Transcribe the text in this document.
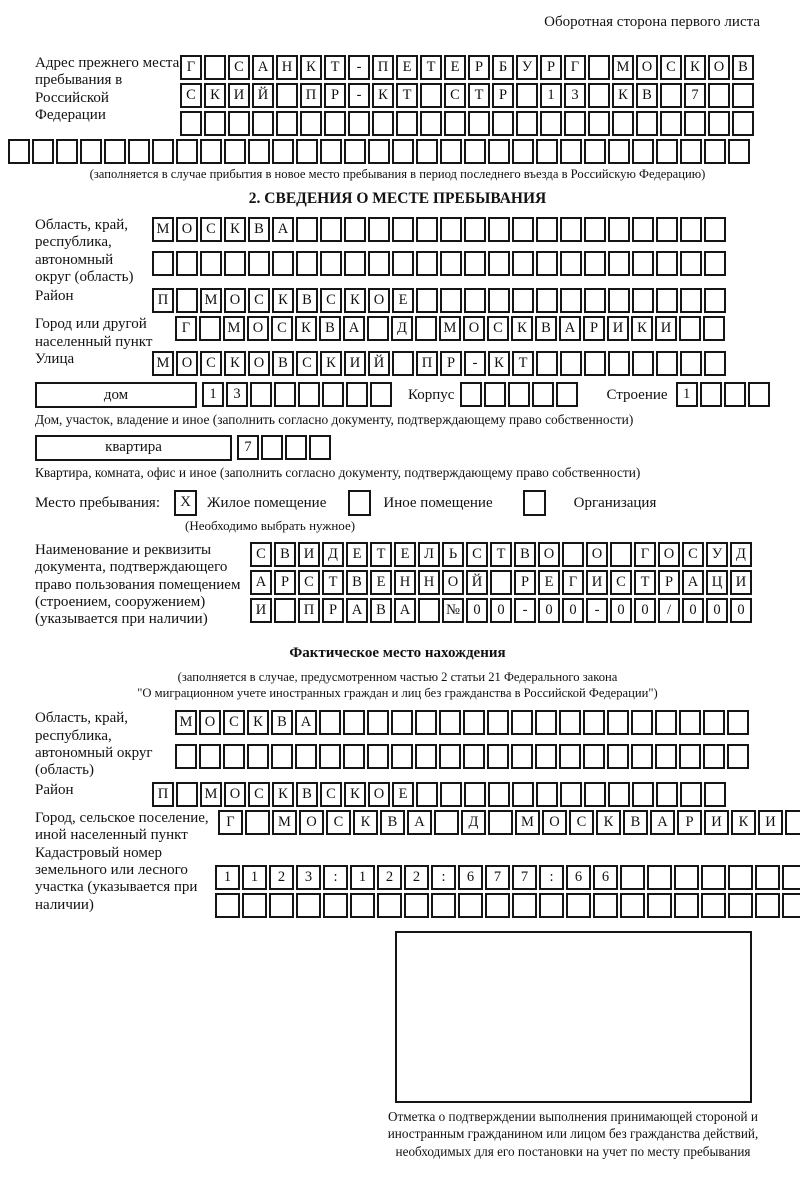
Оборотная сторона первого листа
Адрес прежнего места пребывания в Российской Федерации
Г	С А Н К	Т	-	П Е	Т	Е	Р	Б	У	Р	Г	М О С К О В
С К И Й	П	Р	-	К	Т	С	Т	Р	1	3	К В	7
(заполняется в случае прибытия в новое место пребывания в период последнего въезда в Российскую Федерацию)
2. СВЕДЕНИЯ О МЕСТЕ ПРЕБЫВАНИЯ
Область, край, республика, автономный округ (область)
М О С К В А
Район	П	М О С К В С К О Е
Город или другой населенный пункт
Г	М О С К В А	Д	М О С К В А	Р	И К И
Улица	М О С К О В С К И Й	П	Р	-	К	Т
дом	1	3	Корпус	Строение	1
Дом, участок, владение и иное (заполнить согласно документу, подтверждающему право собственности)
квартира	7
Квартира, комната, офис и иное (заполнить согласно документу, подтверждающему право собственности)
Место пребывания:	X	Жилое помещение	Иное помещение	Организация
(Необходимо выбрать нужное)
Наименование и реквизиты документа, подтверждающего право пользования помещением (строением, сооружением) (указывается при наличии)
С В И Д	Е	Т	Е	Л	Ь	С	Т	В О	О	Г	О С У Д
А	Р	С	Т	В	Е Н Н О Й	Р	Е	Г	И С	Т	Р	А Ц И
И	П	Р	А В А	№ 0	0	-	0	0	-	0	0	/	0	0	0
Фактическое место нахождения
(заполняется в случае, предусмотренном частью 2 статьи 21 Федерального закона
"О миграционном учете иностранных граждан и лиц без гражданства в Российской Федерации")
Область, край, республика, автономный округ (область)
М О С К В А
Район	П	М О С К В С К О Е
Город, сельское поселение, иной населенный пункт
Г	М	О	С	К	В	А	Д	М	О	С	К	В	А	Р	И	К	И
Кадастровый номер земельного или лесного участка (указывается при наличии)
1	1	2	3	:	1	2	2	:	6	7	7	:	6	6
Отметка о подтверждении выполнения принимающей стороной и иностранным гражданином или лицом без гражданства действий, необходимых для его постановки на учет по месту пребывания
